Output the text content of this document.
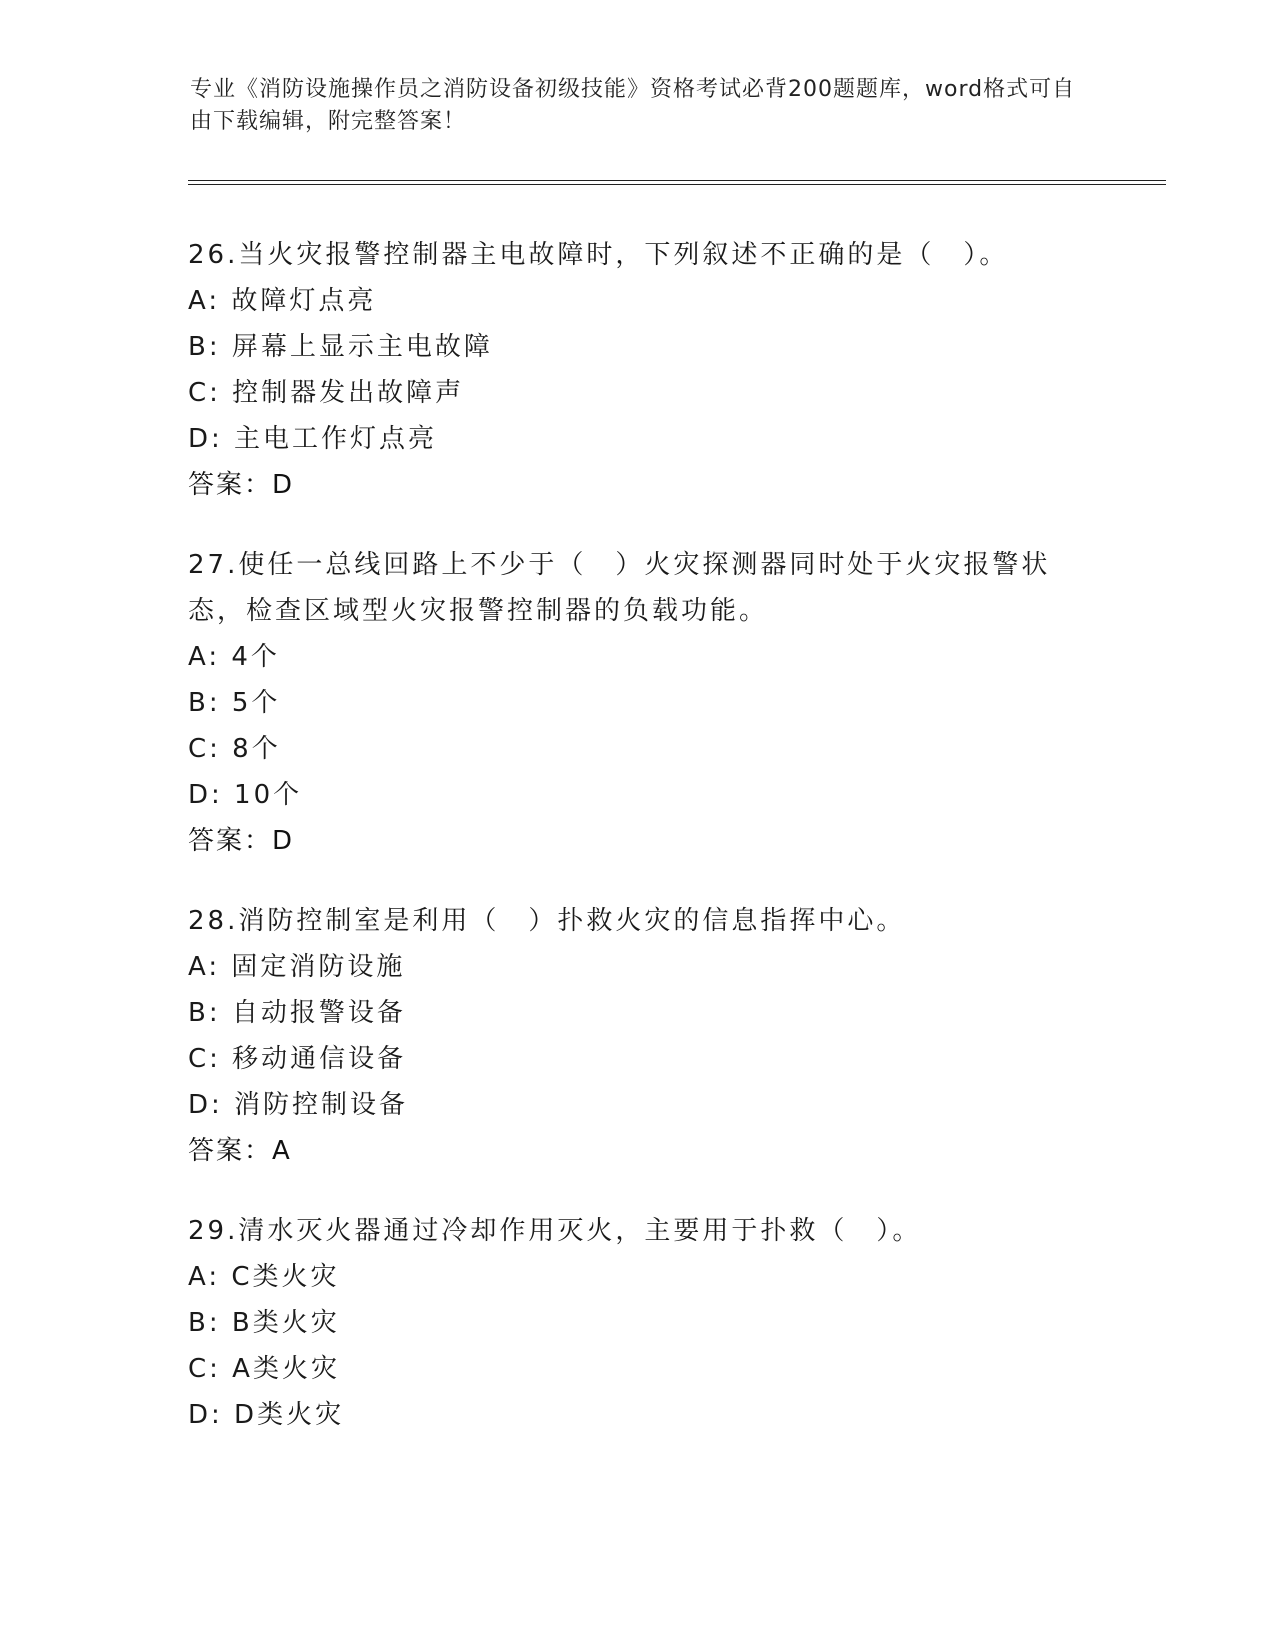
专业《消防设施操作员之消防设备初级技能》资格考试必背200题题库，word格式可自由下载编辑，附完整答案！
26.当火灾报警控制器主电故障时，下列叙述不正确的是（　）。
A: 故障灯点亮
B: 屏幕上显示主电故障
C: 控制器发出故障声
D: 主电工作灯点亮
答案：D
27.使任一总线回路上不少于（　）火灾探测器同时处于火灾报警状态，检查区域型火灾报警控制器的负载功能。
A: 4个
B: 5个
C: 8个
D: 10个
答案：D
28.消防控制室是利用（　）扑救火灾的信息指挥中心。
A: 固定消防设施
B: 自动报警设备
C: 移动通信设备
D: 消防控制设备
答案：A
29.清水灭火器通过冷却作用灭火，主要用于扑救（　）。
A: C类火灾
B: B类火灾
C: A类火灾
D: D类火灾
